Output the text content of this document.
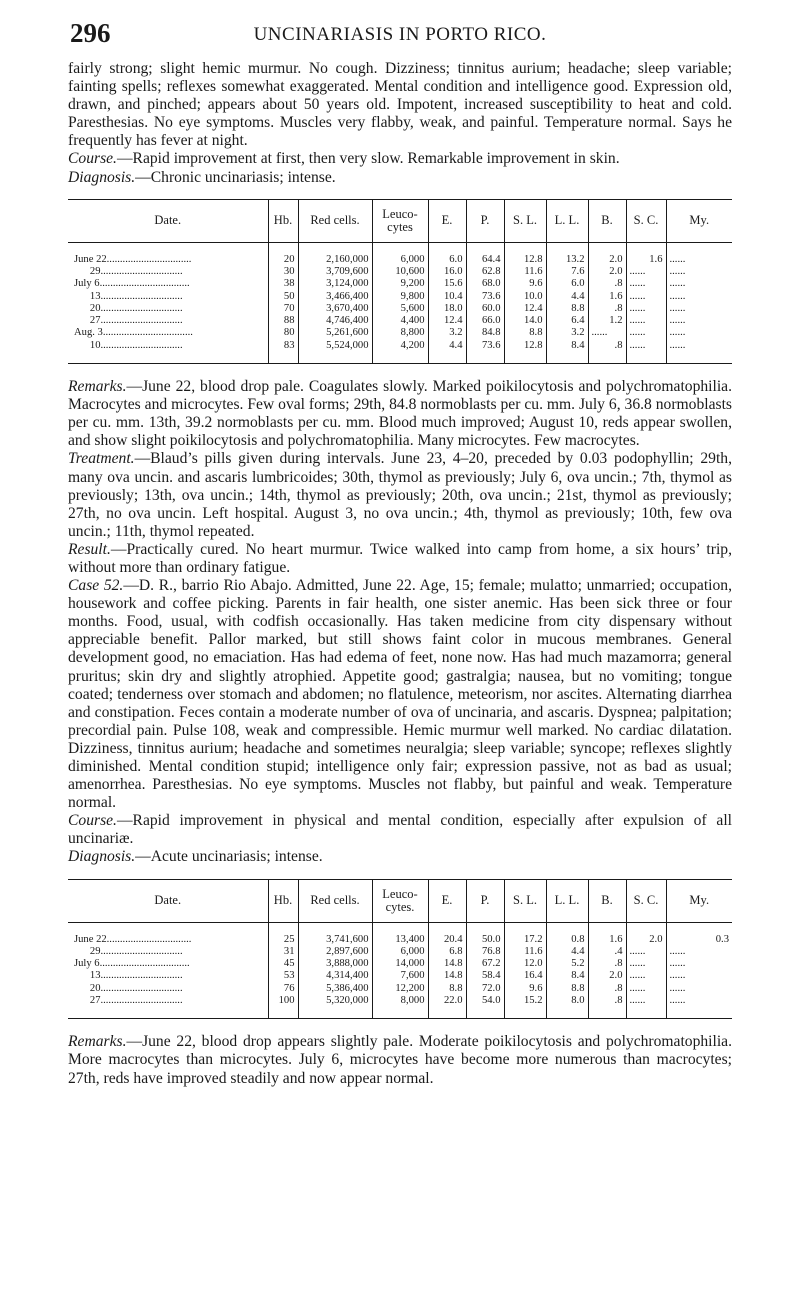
296	UNCINARIASIS IN PORTO RICO.

fairly strong; slight hemic murmur. No cough. Dizziness; tinnitus aurium; headache; sleep variable; fainting spells; reflexes somewhat exaggerated. Mental condition and intelligence good. Expression old, drawn, and pinched; appears about 50 years old. Impotent, increased susceptibility to heat and cold. Paresthesias. No eye symptoms. Muscles very flabby, weak, and painful. Temperature normal. Says he frequently has fever at night.

Course.—Rapid improvement at first, then very slow. Remarkable improvement in skin.

Diagnosis.—Chronic uncinariasis; intense.

Date.	Hb.	Red cells.	Leuco-cytes	E.	P.	S. L.	L. L.	B.	S. C.	My.
June 22................................	20	2,160,000	6,000	6.0	64.4	12.8	13.2	2.0	1.6	......
29...............................	30	3,709,600	10,600	16.0	62.8	11.6	7.6	2.0	......	......
July 6..................................	38	3,124,000	9,200	15.6	68.0	9.6	6.0	.8	......	......
13...............................	50	3,466,400	9,800	10.4	73.6	10.0	4.4	1.6	......	......
20...............................	70	3,670,400	5,600	18.0	60.0	12.4	8.8	.8	......	......
27...............................	88	4,746,400	4,400	12.4	66.0	14.0	6.4	1.2	......	......
Aug. 3..................................	80	5,261,600	8,800	3.2	84.8	8.8	3.2	......	......	......
10...............................	83	5,524,000	4,200	4.4	73.6	12.8	8.4	.8	......	......

Remarks.—June 22, blood drop pale. Coagulates slowly. Marked poikilocytosis and polychromatophilia. Macrocytes and microcytes. Few oval forms; 29th, 84.8 normoblasts per cu. mm. July 6, 36.8 normoblasts per cu. mm. 13th, 39.2 normoblasts per cu. mm. Blood much improved; August 10, reds appear swollen, and show slight poikilocytosis and polychromatophilia. Many microcytes. Few macrocytes.

Treatment.—Blaud’s pills given during intervals. June 23, 4–20, preceded by 0.03 podophyllin; 29th, many ova uncin. and ascaris lumbricoides; 30th, thymol as previously; July 6, ova uncin.; 7th, thymol as previously; 13th, ova uncin.; 14th, thymol as previously; 20th, ova uncin.; 21st, thymol as previously; 27th, no ova uncin. Left hospital. August 3, no ova uncin.; 4th, thymol as previously; 10th, few ova uncin.; 11th, thymol repeated.

Result.—Practically cured. No heart murmur. Twice walked into camp from home, a six hours’ trip, without more than ordinary fatigue.

Case 52.—D. R., barrio Rio Abajo. Admitted, June 22. Age, 15; female; mulatto; unmarried; occupation, housework and coffee picking. Parents in fair health, one sister anemic. Has been sick three or four months. Food, usual, with codfish occasionally. Has taken medicine from city dispensary without appreciable benefit. Pallor marked, but still shows faint color in mucous membranes. General development good, no emaciation. Has had edema of feet, none now. Has had much mazamorra; general pruritus; skin dry and slightly atrophied. Appetite good; gastralgia; nausea, but no vomiting; tongue coated; tenderness over stomach and abdomen; no flatulence, meteorism, nor ascites. Alternating diarrhea and constipation. Feces contain a moderate number of ova of uncinaria, and ascaris. Dyspnea; palpitation; precordial pain. Pulse 108, weak and compressible. Hemic murmur well marked. No cardiac dilatation. Dizziness, tinnitus aurium; headache and sometimes neuralgia; sleep variable; syncope; reflexes slightly diminished. Mental condition stupid; intelligence only fair; expression passive, not as bad as usual; amenorrhea. Paresthesias. No eye symptoms. Muscles not flabby, but painful and weak. Temperature normal.

Course.—Rapid improvement in physical and mental condition, especially after expulsion of all uncinariæ.

Diagnosis.—Acute uncinariasis; intense.

Date.	Hb.	Red cells.	Leuco-cytes.	E.	P.	S. L.	L. L.	B.	S. C.	My.
June 22................................	25	3,741,600	13,400	20.4	50.0	17.2	0.8	1.6	2.0	0.3
29...............................	31	2,897,600	6,000	6.8	76.8	11.6	4.4	.4	......	......
July 6..................................	45	3,888,000	14,000	14.8	67.2	12.0	5.2	.8	......	......
13...............................	53	4,314,400	7,600	14.8	58.4	16.4	8.4	2.0	......	......
20...............................	76	5,386,400	12,200	8.8	72.0	9.6	8.8	.8	......	......
27...............................	100	5,320,000	8,000	22.0	54.0	15.2	8.0	.8	......	......

Remarks.—June 22, blood drop appears slightly pale. Moderate poikilocytosis and polychromatophilia. More macrocytes than microcytes. July 6, microcytes have become more numerous than macrocytes; 27th, reds have improved steadily and now appear normal.
